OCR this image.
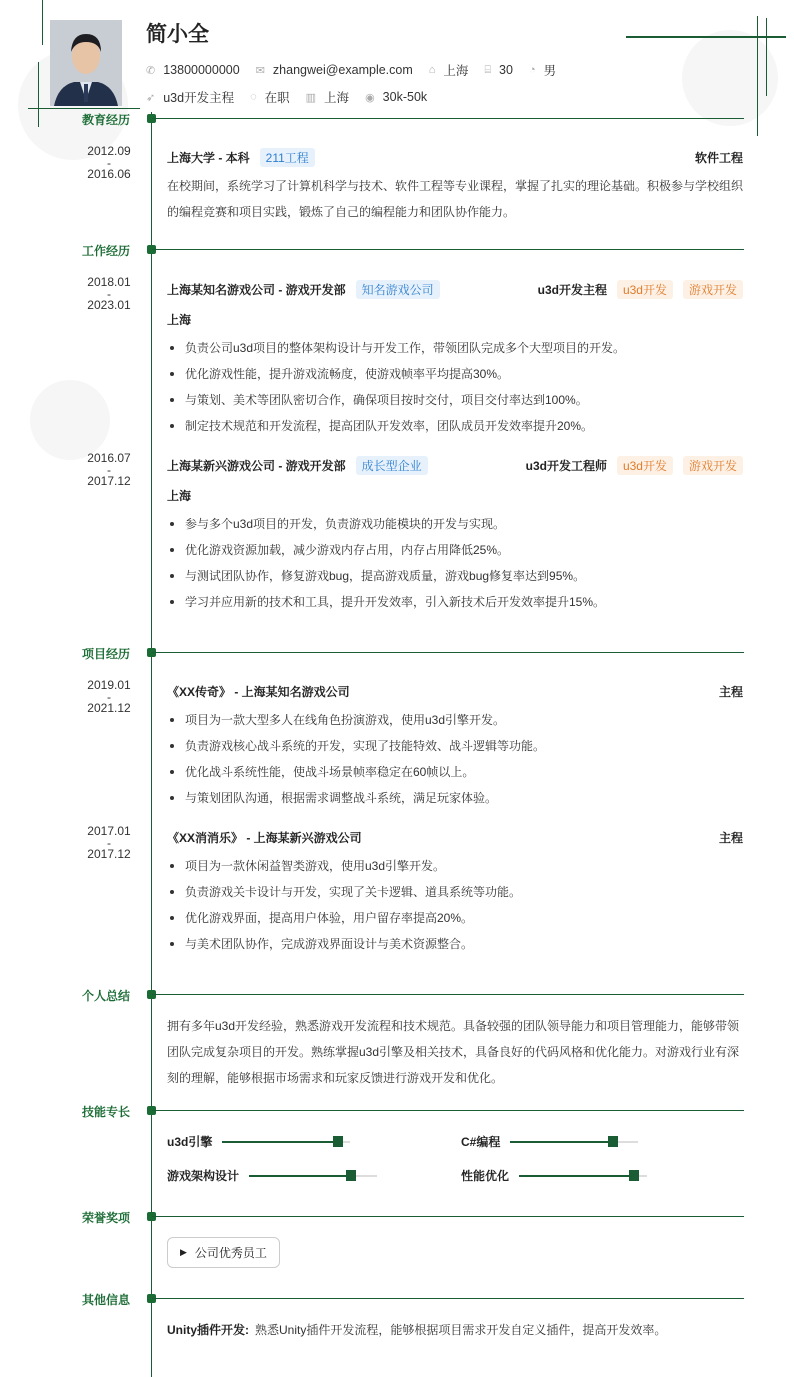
简小全
✆ 13800000000 ✉ zhangwei@example.com ⌂ 上海 ⌸ 30 ◔ 男
➶ u3d开发主程 ◌ 在职 ▥ 上海 ◉ 30k-50k
教育经历
2012.09
-
2016.06
上海大学 - 本科	211工程	软件工程
在校期间，系统学习了计算机科学与技术、软件工程等专业课程，掌握了扎实的理论基础。积极参与学校组织的编程竞赛和项目实践，锻炼了自己的编程能力和团队协作能力。
工作经历
2018.01
-
2023.01
上海某知名游戏公司 - 游戏开发部	知名游戏公司	u3d开发主程	u3d开发	游戏开发
上海
负责公司u3d项目的整体架构设计与开发工作，带领团队完成多个大型项目的开发。
优化游戏性能，提升游戏流畅度，使游戏帧率平均提高30%。
与策划、美术等团队密切合作，确保项目按时交付，项目交付率达到100%。
制定技术规范和开发流程，提高团队开发效率，团队成员开发效率提升20%。
2016.07
-
2017.12
上海某新兴游戏公司 - 游戏开发部	成长型企业	u3d开发工程师	u3d开发	游戏开发
上海
参与多个u3d项目的开发，负责游戏功能模块的开发与实现。
优化游戏资源加载，减少游戏内存占用，内存占用降低25%。
与测试团队协作，修复游戏bug，提高游戏质量，游戏bug修复率达到95%。
学习并应用新的技术和工具，提升开发效率，引入新技术后开发效率提升15%。
项目经历
2019.01
-
2021.12
《XX传奇》 - 上海某知名游戏公司	主程
项目为一款大型多人在线角色扮演游戏，使用u3d引擎开发。
负责游戏核心战斗系统的开发，实现了技能特效、战斗逻辑等功能。
优化战斗系统性能，使战斗场景帧率稳定在60帧以上。
与策划团队沟通，根据需求调整战斗系统，满足玩家体验。
2017.01
-
2017.12
《XX消消乐》 - 上海某新兴游戏公司	主程
项目为一款休闲益智类游戏，使用u3d引擎开发。
负责游戏关卡设计与开发，实现了关卡逻辑、道具系统等功能。
优化游戏界面，提高用户体验，用户留存率提高20%。
与美术团队协作，完成游戏界面设计与美术资源整合。
个人总结
拥有多年u3d开发经验，熟悉游戏开发流程和技术规范。具备较强的团队领导能力和项目管理能力，能够带领团队完成复杂项目的开发。熟练掌握u3d引擎及相关技术，具备良好的代码风格和优化能力。对游戏行业有深刻的理解，能够根据市场需求和玩家反馈进行游戏开发和优化。
技能专长
u3d引擎	C#编程
游戏架构设计	性能优化
荣誉奖项
▶ 公司优秀员工
其他信息
Unity插件开发: 熟悉Unity插件开发流程，能够根据项目需求开发自定义插件，提高开发效率。
